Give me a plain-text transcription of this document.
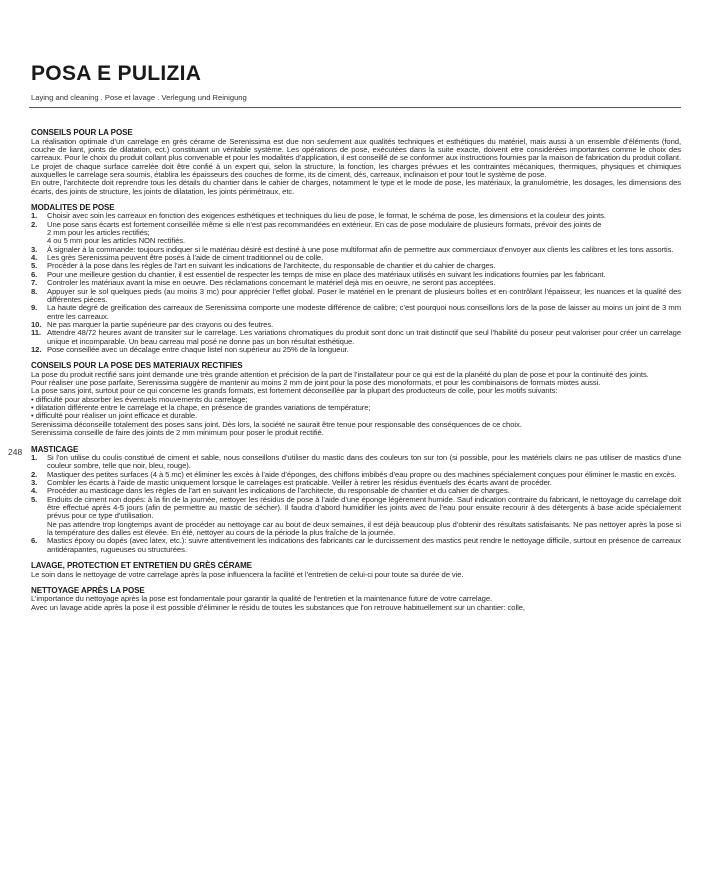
POSA E PULIZIA
Laying and cleaning . Pose et lavage . Verlegung und Reinigung
248
CONSEILS POUR LA POSE

La réalisation optimale d’un carrelage en grès cérame de Serenissima est due non seulement aux qualités techniques et esthétiques du matériel, mais aussi à un ensemble d’éléments (fond, couche de liant, joints de dilatation, ect.) constituant un véritable système. Les opérations de pose, exécutées dans la suite exacte, doivent etre considérées importantes comme le choix des carreaux. Pour le choix du produit collant plus convenable et pour les modalités d’application, il est conseillé de se conformer aux instructions fournies par la maison de fabrication du produit collant. Le projet de chaque surface carrelée doit être confié à un expert qui, selon la structure, la fonction, les charges prévues et les contraintes mécaniques, thermiques, physiques et chimiques auxquelles le carrelage sera soumis, établira les épaisseurs des couches de forme, its de ciment, dés, carreaux, inclinaison et pour tout le système de pose.

En outre, l’architecte doit reprendre tous les détails du chantier dans le cahier de charges, notamment le type et le mode de pose, les matériaux, la granulométrie, les dosages, les dimensions des écarts, des joints de structure, les joints de dilatation, les joints périmétraux, etc.

MODALITES DE POSE
1. Choisir avec soin les carreaux en fonction des exigences esthétiques et techniques du lieu de pose, le format, le schéma de pose, les dimensions et la couleur des joints.
2. Une pose sans écarts est fortement conseillée même si elle n’est pas recommandées en extérieur. En cas de pose modulaire de plusieurs formats, prévoir des joints de
2 mm pour les articles rectifiés;
4 ou 5 mm pour les articles NON rectifiés.
3. À signaler à la commande: toujours indiquer si le matériau désiré est destiné à une pose multiformat afin de permettre aux commerciaux d’envoyer aux clients les calibres et les tons assortis.
4. Les grès Serenissima peuvent être posés à l’aide de ciment traditionnel ou de colle.
5. Procéder à la pose dans les règles de l’art en suivant les indications de l’architecte, du responsable de chantier et du cahier de charges.
6. Pour une meilleure gestion du chantier, il est essentiel de respecter les temps de mise en place des matériaux utilisés en suivant les indications fournies par les fabricant.
7. Controler les matériaux avant la mise en oeuvre. Des réclamations concernant le matériel dejà mis en oeuvre, ne seront pas acceptées.
8. Appuyer sur le sol quelques pieds (au moins 3 mc) pour apprécier l’effet global. Poser le matériel en le prenant de plusieurs boîtes et en contrôlant l’épaisseur, les nuances et la qualité des différentes pièces.
9. La haute degré de greification des carreaux de Serenissima comporte une modeste différence de calibre; c’est pourquoi nous conseillons lors de la pose de laisser au moins un joint de 3 mm entre les carreaux.
10. Ne pas marquer la partie supérieure par des crayons ou des feutres.
11. Attendre 48/72 heures avant de transiter sur le carrelage. Les variations chromatiques du produit sont donc un trait distinctif que seul l’habilité du poseur peut valoriser pour créer un carrelage unique et incomparable. Un beau carreau mal posé ne donne pas un bon résultat esthétique.
12. Pose conseillée avec un décalage entre chaque listel non supérieur au 25% de la longueur.
CONSEILS POUR LA POSE DES MATERIAUX RECTIFIES

La pose du produit rectifié sans joint demande une très grande attention et précision de la part de l’installateur pour ce qui est de la planéité du plan de pose et pour la continuité des joints.

Pour réaliser une pose parfaite, Serenissima suggère de mantenir au moins 2 mm de joint pour la pose des monoformats, et pour les combinaisons de formats mixtes aussi.

La pose sans joint, surtout pour ce qui concerne les grands formats, est fortement déconseillée par la plupart des producteurs de colle, pour les motifs suivants:

• difficulté pour absorber les éventuels mouvements du carrelage;

• dilatation différente entre le carrelage et la chape, en présence de grandes variations de température;

• difficulté pour réaliser un joint efficace et durable.

Serenissima déconseille totalement des poses sans joint. Dès lors, la société ne saurait être tenue pour responsable des conséquences de ce choix.

Serenissima conseille de faire des joints de 2 mm minimum pour poser le produit rectifié.

MASTICAGE
1. Si l’on utilise du coulis constitué de ciment et sable, nous conseillons d’utiliser du mastic dans des couleurs ton sur ton (si possible, pour les matériels clairs ne pas utiliser de mastics d’une couleur sombre, telle que noir, bleu, rouge).
2. Mastiquer des petites surfaces (4 à 5 mc) et éliminer les excès à l’aide d’éponges, des chiffons imbibés d’eau propre ou des machines spécialement conçues pour éliminer le mastic en excès.
3. Combler les écarts à l’aide de mastic uniquement lorsque le carrelages est praticable. Veiller à retirer les résidus éventuels des écarts avant de procéder.
4. Procéder au masticage dans les règles de l’art en suivant les indications de l’architecte, du responsable de chantier et du cahier de charges.
5. Enduits de ciment non dopés: à la fin de la journée, nettoyer les résidus de pose à l’aide d’une éponge légèrement humide. Sauf indication contraire du fabricant, le nettoyage du carrelage doit être effectué après 4-5 jours (afin de permettre au mastic de sécher). Il faudra d’abord humidifier les joints avec de l’eau pour ensuite recourir à des détergents à base acide spécialement prévus pour ce type d’utilisation.
Ne pas attendre trop longtemps avant de procéder au nettoyage car au bout de deux semaines, il est déjà beaucoup plus d’obtenir des résultats satisfaisants. Ne pas nettoyer après la pose si la température des dalles est élevée. En été, nettoyer au cours de la période la plus fraîche de la journée.
6. Mastics époxy ou dopés (avec latex, etc.): suivre attentivement les indications des fabricants car le durcissement des mastics peut rendre le nettoyage difficile, surtout en présence de carreaux antidérapantes, rugueuses ou structurées.
LAVAGE, PROTECTION ET ENTRETIEN DU GRÈS CÉRAME

Le soin dans le nettoyage de votre carrelage après la pose influencera la facilité et l’entretien de celui-ci pour toute sa durée de vie.

NETTOYAGE APRÈS LA POSE

L’importance du nettoyage après la pose est fondamentale pour garantir la qualité de l’entretien et la maintenance future de votre carrelage.

Avec un lavage acide après la pose il est possible d’éliminer le résidu de toutes les substances que l’on retrouve habituellement sur un chantier: colle,
